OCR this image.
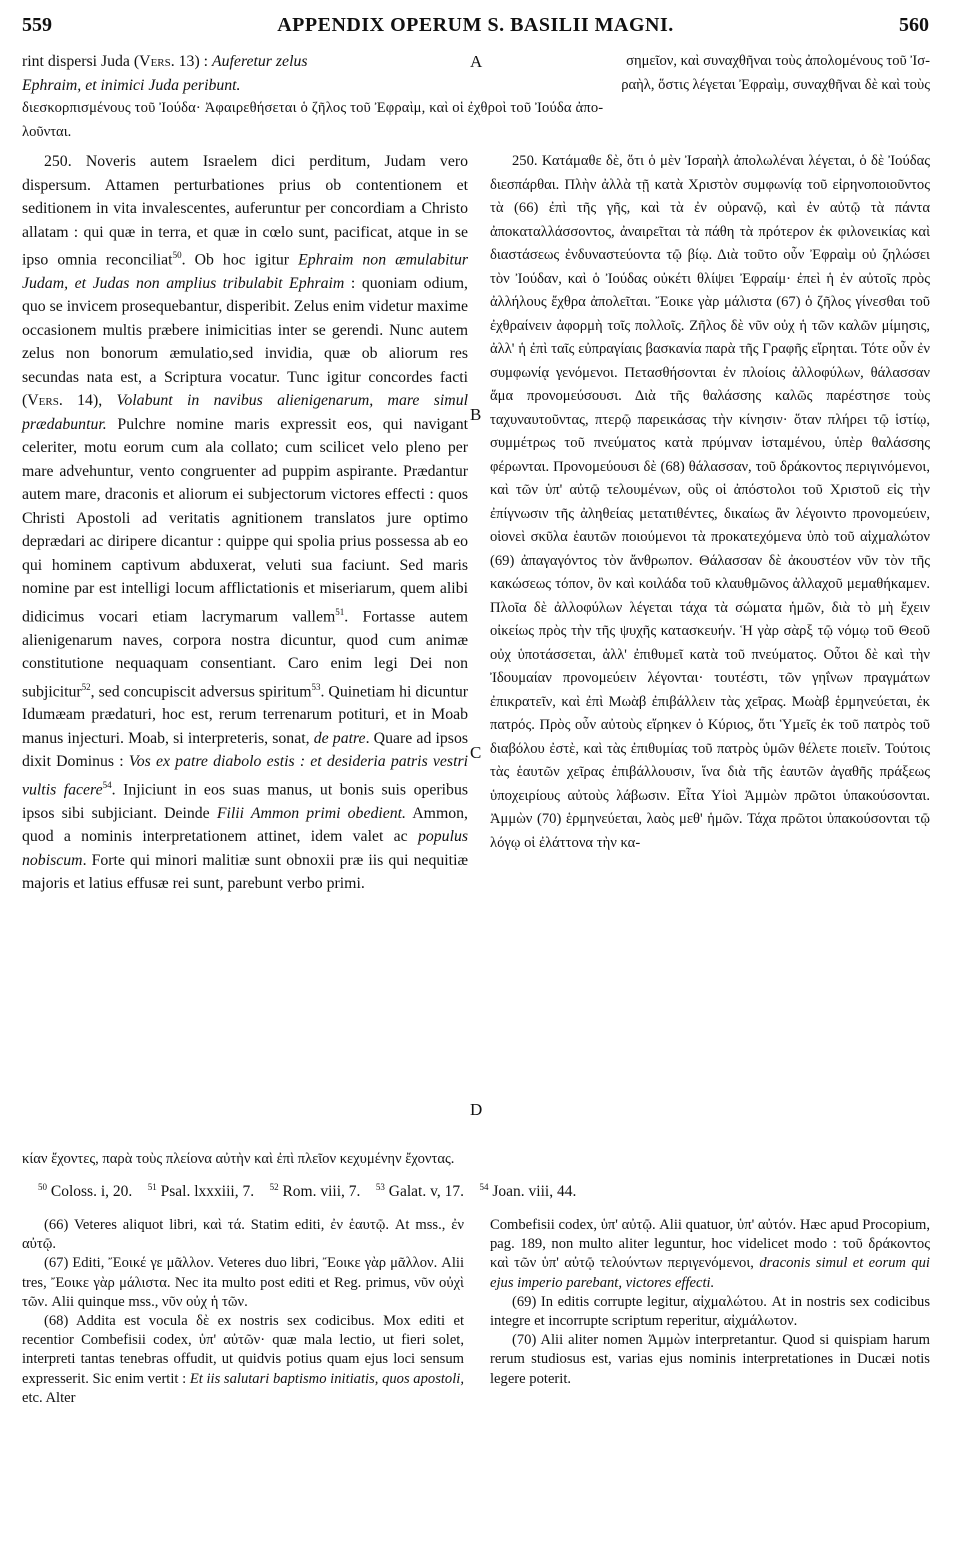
559	APPENDIX OPERUM S. BASILII MAGNI.	560
rint dispersi Juda (Vers. 13) : Auferetur zelus
Ephraim, et inimici Juda peribunt.
σημεῖον, καὶ συναχθῆναι τοὺς ἀπολομένους τοῦ Ἰσ-
ραὴλ, ὅστις λέγεται Ἐφραὶμ, συναχθῆναι δὲ καὶ τοὺς
διεσκορπισμένους τοῦ Ἰούδα· Ἀφαιρεθήσεται ὁ ζῆλος τοῦ Ἐφραὶμ, καὶ οἱ ἐχθροὶ τοῦ Ἰούδα ἀπο-
λοῦνται.

250. Noveris autem Israelem dici perditum, Judam vero dispersum. Attamen perturbationes prius ob contentionem et seditionem in vita invalescentes, auferuntur per concordiam a Christo allatam : qui quæ in terra, et quæ in cœlo sunt, pacificat, atque in se ipso omnia reconciliat$^{50}$. Ob hoc igitur Ephraim non æmulabitur Judam, et Judas non amplius tribulabit Ephraim : quoniam odium, quo se invicem prosequebantur, disperibit. Zelus enim videtur maxime occasionem multis præbere inimicitias inter se gerendi. Nunc autem zelus non bonorum æmulatio,sed invidia, quæ ob aliorum res secundas nata est, a Scriptura vocatur. Tunc igitur concordes facti (Vers. 14), Volabunt in navibus alienigenarum, mare simul prædabuntur. Pulchre nomine maris expressit eos, qui navigant celeriter, motu eorum cum ala collato; cum scilicet velo pleno per mare advehuntur, vento congruenter ad puppim aspirante. Prædantur autem mare, draconis et aliorum ei subjectorum victores effecti : quos Christi Apostoli ad veritatis agnitionem translatos jure optimo deprædari ac diripere dicantur : quippe qui spolia prius possessa ab eo qui hominem captivum abduxerat, veluti sua faciunt. Sed maris nomine par est intelligi locum afflictationis et miseriarum, quem alibi didicimus vocari etiam lacrymarum vallem$^{51}$. Fortasse autem alienigenarum naves, corpora nostra dicuntur, quod cum animæ constitutione nequaquam consentiant. Caro enim legi Dei non subjicitur$^{52}$, sed concupiscit adversus spiritum$^{53}$. Quinetiam hi dicuntur Idumæam prædaturi, hoc est, rerum terrenarum potituri, et in Moab manus injecturi. Moab, si interpreteris, sonat, de patre. Quare ad ipsos dixit Dominus : Vos ex patre diabolo estis : et desideria patris vestri vultis facere$^{54}$. Injiciunt in eos suas manus, ut bonis suis operibus ipsos sibi subjiciant. Deinde Filii Ammon primi obedient. Ammon, quod a nominis interpretationem attinet, idem valet ac populus nobiscum. Forte qui minori malitiæ sunt obnoxii præ iis qui nequitiæ majoris et latius effusæ rei sunt, parebunt verbo primi.

250. Κατάμαθε δὲ, ὅτι ὁ μὲν Ἰσραὴλ ἀπολωλέναι λέγεται, ὁ δὲ Ἰούδας διεσπάρθαι. Πλὴν ἀλλὰ τῇ κατὰ Χριστὸν συμφωνίᾳ τοῦ εἰρηνοποιοῦντος τὰ (66) ἐπὶ τῆς γῆς, καὶ τὰ ἐν οὐρανῷ, καὶ ἐν αὐτῷ τὰ πάντα ἀποκαταλλάσσοντος, ἀναιρεῖται τὰ πάθη τὰ πρότερον ἐκ φιλονεικίας καὶ διαστάσεως ἐνδυναστεύοντα τῷ βίῳ. Διὰ τοῦτο οὖν Ἐφραὶμ οὐ ζηλώσει τὸν Ἰούδαν, καὶ ὁ Ἰούδας οὐκέτι θλίψει Ἐφραίμ· ἐπεὶ ἡ ἐν αὐτοῖς πρὸς ἀλλήλους ἔχθρα ἀπολεῖται. Ἔοικε γὰρ μάλιστα (67) ὁ ζῆλος γίνεσθαι τοῦ ἐχθραίνειν ἀφορμὴ τοῖς πολλοῖς. Ζῆλος δὲ νῦν οὐχ ἡ τῶν καλῶν μίμησις, ἀλλ' ἡ ἐπὶ ταῖς εὐπραγίαις βασκανία παρὰ τῆς Γραφῆς εἴρηται. Τότε οὖν ἐν συμφωνίᾳ γενόμενοι. Πετασθήσονται ἐν πλοίοις ἀλλοφύλων, θάλασσαν ἅμα προνομεύσουσι. Διὰ τῆς θαλάσσης καλῶς παρέστησε τοὺς ταχυναυτοῦντας, πτερῷ παρεικάσας τὴν κίνησιν· ὅταν πλήρει τῷ ἱστίῳ, συμμέτρως τοῦ πνεύματος κατὰ πρύμναν ἱσταμένου, ὑπὲρ θαλάσσης φέρωνται. Προνομεύουσι δὲ (68) θάλασσαν, τοῦ δράκοντος περιγινόμενοι, καὶ τῶν ὑπ' αὐτῷ τελουμένων, οὓς οἱ ἀπόστολοι τοῦ Χριστοῦ εἰς τὴν ἐπίγνωσιν τῆς ἀληθείας μετατιθέντες, δικαίως ἂν λέγοιντο προνομεύειν, οἱονεὶ σκῦλα ἑαυτῶν ποιούμενοι τὰ προκατεχόμενα ὑπὸ τοῦ αἰχμαλώτον (69) ἀπαγαγόντος τὸν ἄνθρωπον. Θάλασσαν δὲ ἀκουστέον νῦν τὸν τῆς κακώσεως τόπον, ὃν καὶ κοιλάδα τοῦ κλαυθμῶνος ἀλλαχοῦ μεμαθήκαμεν. Πλοῖα δὲ ἀλλοφύλων λέγεται τάχα τὰ σώματα ἡμῶν, διὰ τὸ μὴ ἔχειν οἰκείως πρὸς τὴν τῆς ψυχῆς κατασκευήν. Ἡ γὰρ σὰρξ τῷ νόμῳ τοῦ Θεοῦ οὐχ ὑποτάσσεται, ἀλλ' ἐπιθυμεῖ κατὰ τοῦ πνεύματος. Οὗτοι δὲ καὶ τὴν Ἰδουμαίαν προνομεύειν λέγονται· τουτέστι, τῶν γηΐνων πραγμάτων ἐπικρατεῖν, καὶ ἐπὶ Μωὰβ ἐπιβάλλειν τὰς χεῖρας. Μωὰβ ἑρμηνεύεται, ἐκ πατρός. Πρὸς οὖν αὐτοὺς εἴρηκεν ὁ Κύριος, ὅτι Ὑμεῖς ἐκ τοῦ πατρὸς τοῦ διαβόλου ἐστὲ, καὶ τὰς ἐπιθυμίας τοῦ πατρὸς ὑμῶν θέλετε ποιεῖν. Τούτοις τὰς ἑαυτῶν χεῖρας ἐπιβάλλουσιν, ἵνα διὰ τῆς ἑαυτῶν ἀγαθῆς πράξεως ὑποχειρίους αὐτοὺς λάβωσιν. Εἶτα Υἱοὶ Ἀμμὼν πρῶτοι ὑπακούσονται. Ἀμμὼν (70) ἑρμηνεύεται, λαὸς μεθ' ἡμῶν. Τάχα πρῶτοι ὑπακούσονται τῷ λόγῳ οἱ ἐλάττονα τὴν κα-

A
B
C
D
κίαν ἔχοντες, παρὰ τοὺς πλείονα αὐτὴν καὶ ἐπὶ πλεῖον κεχυμένην ἔχοντας.
$^{50}$ Coloss. i, 20. $^{51}$ Psal. lxxxiii, 7. $^{52}$ Rom. viii, 7. $^{53}$ Galat. v, 17. $^{54}$ Joan. viii, 44.

(66) Veteres aliquot libri, καὶ τά. Statim editi, ἐν ἑαυτῷ. At mss., ἐν αὐτῷ.

(67) Editi, Ἔοικέ γε μᾶλλον. Veteres duo libri, Ἔοικε γὰρ μᾶλλον. Alii tres, Ἔοικε γὰρ μάλιστα. Nec ita multo post editi et Reg. primus, νῦν οὐχὶ τῶν. Alii quinque mss., νῦν οὐχ ἡ τῶν.

(68) Addita est vocula δὲ ex nostris sex codicibus. Mox editi et recentior Combefisii codex, ὑπ' αὐτῶν· quæ mala lectio, ut fieri solet, interpreti tantas tenebras offudit, ut quidvis potius quam ejus loci sensum expresserit. Sic enim vertit : Et iis salutari baptismo initiatis, quos apostoli, etc. Alter

Combefisii codex, ὑπ' αὐτῷ. Alii quatuor, ὑπ' αὐτόν. Hæc apud Procopium, pag. 189, non multo aliter leguntur, hoc videlicet modo : τοῦ δράκοντος καὶ τῶν ὑπ' αὐτῷ τελούντων περιγενόμενοι, draconis simul et eorum qui ejus imperio parebant, victores effecti.

(69) In editis corrupte legitur, αἰχμαλώτου. At in nostris sex codicibus integre et incorrupte scriptum reperitur, αἰχμάλωτον.

(70) Alii aliter nomen Ἀμμὼν interpretantur. Quod si quispiam harum rerum studiosus est, varias ejus nominis interpretationes in Ducæi notis legere poterit.
